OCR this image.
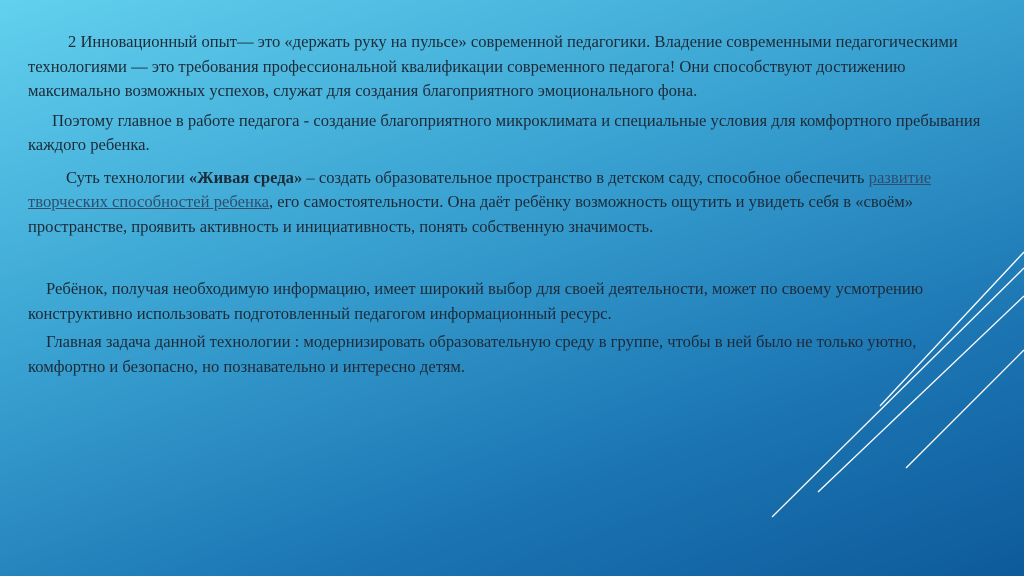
2 Инновационный опыт— это «держать руку на пульсе» современной педагогики. Владение современными педагогическими технологиями — это требования профессиональной квалификации современного педагога! Они способствуют достижению максимально возможных успехов, служат для создания благоприятного эмоционального фона.

Поэтому главное в работе педагога - создание благоприятного микроклимата и специальные условия для комфортного пребывания каждого ребенка.

Суть технологии «Живая среда» – создать образовательное пространство в детском саду, способное обеспечить развитие творческих способностей ребенка, его самостоятельности. Она даёт ребёнку возможность ощутить и увидеть себя в «своём» пространстве, проявить активность и инициативность, понять собственную значимость.

Ребёнок, получая необходимую информацию, имеет широкий выбор для своей деятельности, может по своему усмотрению конструктивно использовать подготовленный педагогом информационный ресурс.

Главная задача данной технологии : модернизировать образовательную среду в группе, чтобы в ней было не только уютно, комфортно и безопасно, но познавательно и интересно детям.
